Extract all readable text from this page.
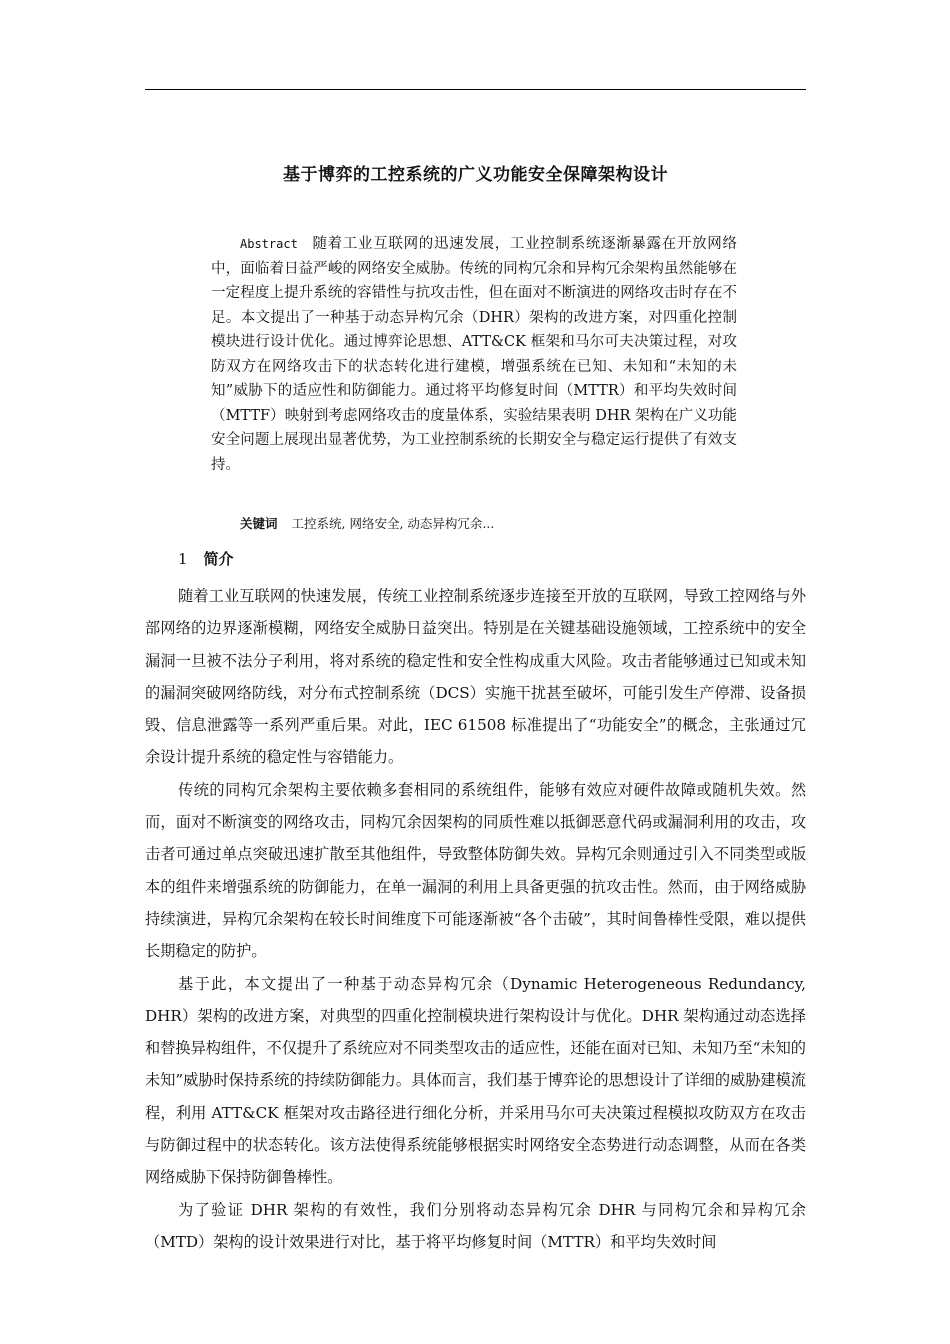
基于博弈的工控系统的广义功能安全保障架构设计
Abstract 随着工业互联网的迅速发展，工业控制系统逐渐暴露在开放网络中，面临着日益严峻的网络安全威胁。传统的同构冗余和异构冗余架构虽然能够在一定程度上提升系统的容错性与抗攻击性，但在面对不断演进的网络攻击时存在不足。本文提出了一种基于动态异构冗余（DHR）架构的改进方案，对四重化控制模块进行设计优化。通过博弈论思想、ATT&CK 框架和马尔可夫决策过程，对攻防双方在网络攻击下的状态转化进行建模，增强系统在已知、未知和“未知的未知”威胁下的适应性和防御能力。通过将平均修复时间（MTTR）和平均失效时间（MTTF）映射到考虑网络攻击的度量体系，实验结果表明 DHR 架构在广义功能安全问题上展现出显著优势，为工业控制系统的长期安全与稳定运行提供了有效支持。
关键词 工控系统, 网络安全, 动态异构冗余...
1 简介

随着工业互联网的快速发展，传统工业控制系统逐步连接至开放的互联网，导致工控网络与外部网络的边界逐渐模糊，网络安全威胁日益突出。特别是在关键基础设施领域，工控系统中的安全漏洞一旦被不法分子利用，将对系统的稳定性和安全性构成重大风险。攻击者能够通过已知或未知的漏洞突破网络防线，对分布式控制系统（DCS）实施干扰甚至破坏，可能引发生产停滞、设备损毁、信息泄露等一系列严重后果。对此，IEC 61508 标准提出了“功能安全”的概念，主张通过冗余设计提升系统的稳定性与容错能力。

传统的同构冗余架构主要依赖多套相同的系统组件，能够有效应对硬件故障或随机失效。然而，面对不断演变的网络攻击，同构冗余因架构的同质性难以抵御恶意代码或漏洞利用的攻击，攻击者可通过单点突破迅速扩散至其他组件，导致整体防御失效。异构冗余则通过引入不同类型或版本的组件来增强系统的防御能力，在单一漏洞的利用上具备更强的抗攻击性。然而，由于网络威胁持续演进，异构冗余架构在较长时间维度下可能逐渐被“各个击破”，其时间鲁棒性受限，难以提供长期稳定的防护。

基于此，本文提出了一种基于动态异构冗余（Dynamic Heterogeneous Redundancy, DHR）架构的改进方案，对典型的四重化控制模块进行架构设计与优化。DHR 架构通过动态选择和替换异构组件，不仅提升了系统应对不同类型攻击的适应性，还能在面对已知、未知乃至“未知的未知”威胁时保持系统的持续防御能力。具体而言，我们基于博弈论的思想设计了详细的威胁建模流程，利用 ATT&CK 框架对攻击路径进行细化分析，并采用马尔可夫决策过程模拟攻防双方在攻击与防御过程中的状态转化。该方法使得系统能够根据实时网络安全态势进行动态调整，从而在各类网络威胁下保持防御鲁棒性。

为了验证 DHR 架构的有效性，我们分别将动态异构冗余 DHR 与同构冗余和异构冗余（MTD）架构的设计效果进行对比，基于将平均修复时间（MTTR）和平均失效时间
